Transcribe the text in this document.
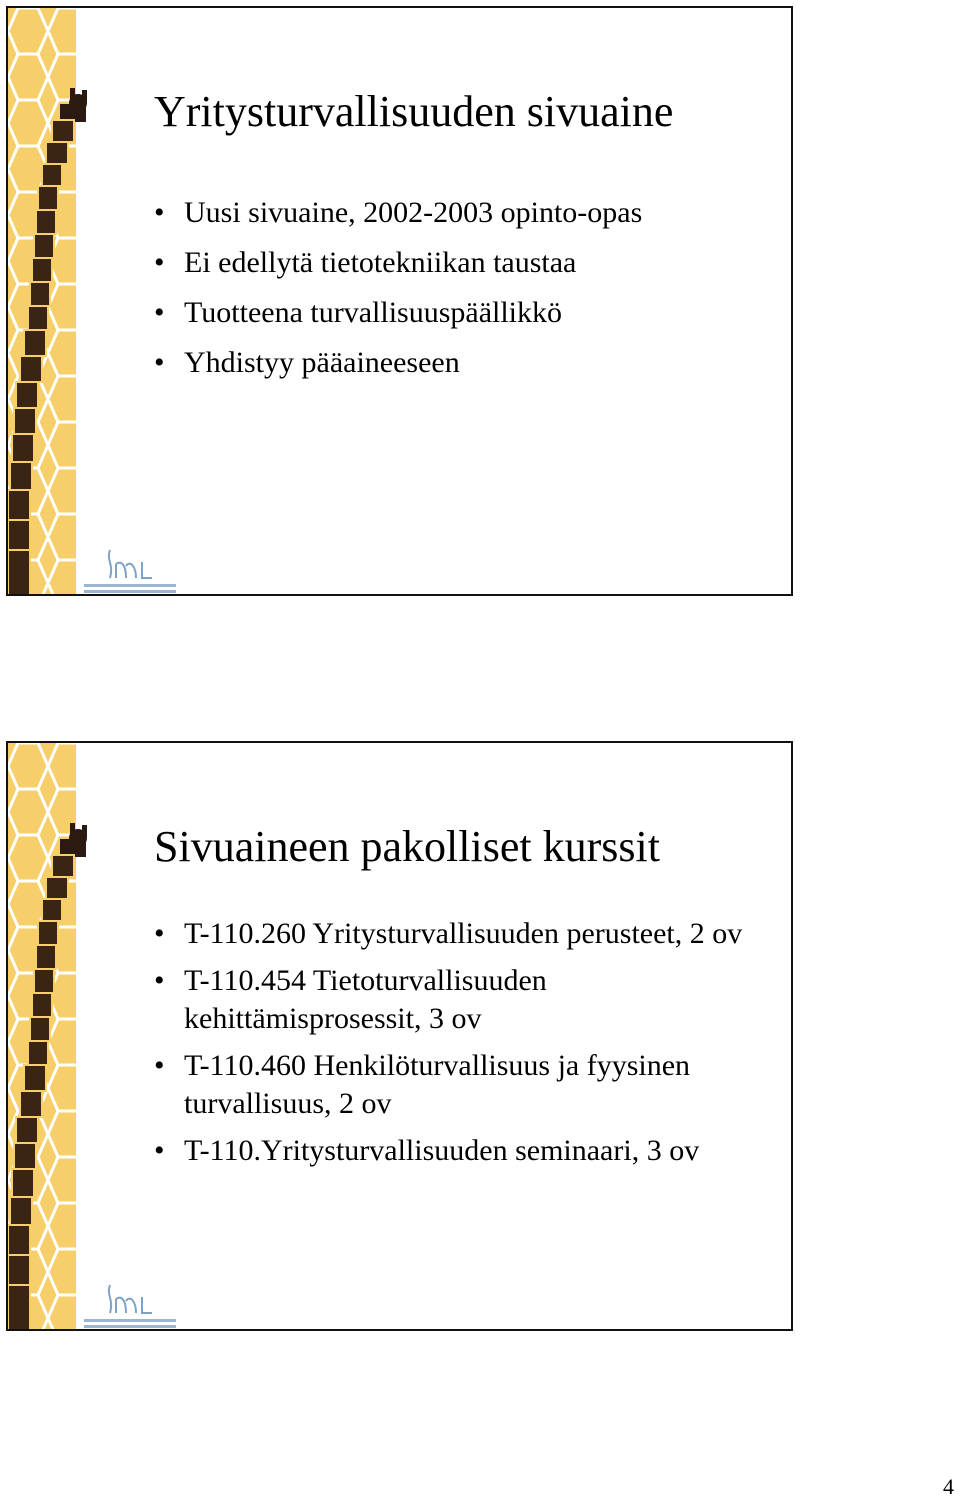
Yritysturvallisuuden sivuaine
• Uusi sivuaine, 2002-2003 opinto-opas
• Ei edellytä tietotekniikan taustaa
• Tuotteena turvallisuuspäällikkö
• Yhdistyy pääaineeseen
Sivuaineen pakolliset kurssit
• T-110.260 Yritysturvallisuuden perusteet, 2 ov
• T-110.454 Tietoturvallisuuden kehittämisprosessit, 3 ov
• T-110.460 Henkilöturvallisuus ja fyysinen turvallisuus, 2 ov
• T-110.Yritysturvallisuuden seminaari, 3 ov
4
